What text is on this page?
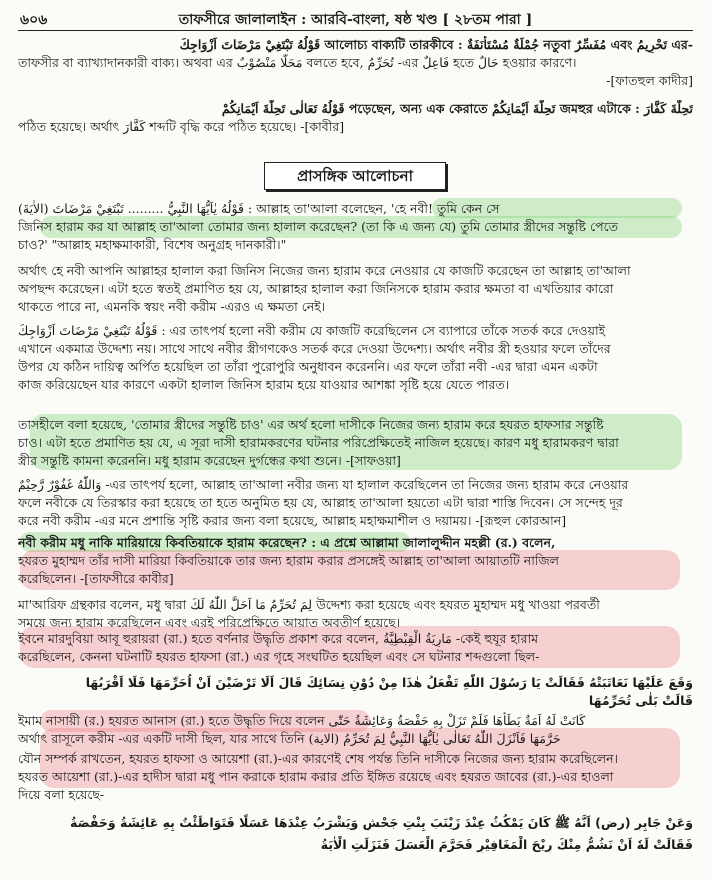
৬০৬	তাফসীরে জালালাইন : আরবি-বাংলা, ষষ্ঠ খণ্ড [ ২৮তম পারা ]
-এর تَحْرِيمُ এবং مُفَسِّرٌ নতুবা جُمْلَةٌ مُسْتَأْنَفَةٌ : আলোচ্য বাক্যটি তারকীবে قَوْلُهُ تَبْتَغِيْ مَرْضَاتَ اَزْوَاجِكَ
তাফসীর বা ব্যাখ্যাদানকারী বাক্য। অথবা এর مَحَلًّا مَنْصُوْبٌ বলতে হবে, تُحَرِّمُ -এর فَاعِلٌ হতে حَالٌ হওয়ার কারণে।
-[ফাতহুল কাদীর]
تَحِلَّةَ كَفَّارَ : জমহুর এটাকে تَحِلَّةَ اَيْمَانِكُمْ পড়েছেন, অন্য এক কেরাতে قَوْلُهُ تَعَالٰى تَحِلَّةَ اَيْمَانِكُمْ
পঠিত হয়েছে। অর্থাৎ كَفَّارَ শব্দটি বৃদ্ধি করে পঠিত হয়েছে। -[কাবীর]
প্রাসঙ্গিক আলোচনা
قَوْلُهُ يٰاَيُّهَا النَّبِيُّ ......... تَبْتَغِيْ مَرْضَاتَ (الاٰيَةَ) : আল্লাহ তা'আলা বলেছেন, 'হে নবী! তুমি কেন সে
জিনিস হারাম কর যা আল্লাহ তা'আলা তোমার জন্য হালাল করেছেন? (তা কি এ জন্য যে) তুমি তোমার স্ত্রীদের সন্তুষ্টি পেতে
চাও?' "আল্লাহ মহাক্ষমাকারী, বিশেষ অনুগ্রহ দানকারী।"
অর্থাৎ হে নবী আপনি আল্লাহর হালাল করা জিনিস নিজের জন্য হারাম করে নেওয়ার যে কাজটি করেছেন তা আল্লাহ তা'আলা
অপছন্দ করেছেন। এটা হতে স্বতই প্রমাণিত হয় যে, আল্লাহর হালাল করা জিনিসকে হারাম করার ক্ষমতা বা এখতিয়ার কারো
থাকতে পারে না, এমনকি স্বয়ং নবী করীম -এরও এ ক্ষমতা নেই।
قَوْلُهُ تَبْتَغِيْ مَرْضَاتَ اَزْوَاجِكَ : এর তাৎপর্য হলো নবী করীম যে কাজটি করেছিলেন সে ব্যাপারে তাঁকে সতর্ক করে দেওয়াই
এখানে একমাত্র উদ্দেশ্য নয়। সাথে সাথে নবীর স্ত্রীগণকেও সতর্ক করে দেওয়া উদ্দেশ্য। অর্থাৎ নবীর স্ত্রী হওয়ার ফলে তাঁদের
উপর যে কঠিন দায়িত্ব অর্পিত হয়েছিল তা তাঁরা পুরোপুরি অনুধাবন করেননি। এর ফলে তাঁরা নবী -এর দ্বারা এমন একটা
কাজ করিয়েছেন যার কারণে একটা হালাল জিনিস হারাম হয়ে যাওয়ার আশঙ্কা সৃষ্টি হয়ে যেতে পারত।
তাসহীলে বলা হয়েছে, 'তোমার স্ত্রীদের সন্তুষ্টি চাও' এর অর্থ হলো দাসীকে নিজের জন্য হারাম করে হযরত হাফসার সন্তুষ্টি
চাও। এটা হতে প্রমাণিত হয় যে, এ সূরা দাসী হারামকরণের ঘটনার পরিপ্রেক্ষিতেই নাজিল হয়েছে। কারণ মধু হারামকরণ দ্বারা
স্ত্রীর সন্তুষ্টি কামনা করেননি। মধু হারাম করেছেন দুর্গন্ধের কথা শুনে। -[সাফওয়া]
وَاللّٰهُ غَفُوْرٌ رَّحِيْمٌ -এর তাৎপর্য হলো, আল্লাহ তা'আলা নবীর জন্য যা হালাল করেছিলেন তা নিজের জন্য হারাম করে নেওয়ার
ফলে নবীকে যে তিরস্কার করা হয়েছে তা হতে অনুমিত হয় যে, আল্লাহ তা'আলা হয়তো এটা দ্বারা শাস্তি দিবেন। সে সন্দেহ দূর
করে নবী করীম -এর মনে প্রশান্তি সৃষ্টি করার জন্য বলা হয়েছে, আল্লাহ মহাক্ষমাশীল ও দয়াময়। -[রূহুল কোরআন]
নবী করীম মধু নাকি মারিয়ায়ে কিবতিয়াকে হারাম করেছেন? : এ প্রশ্নে আল্লামা জালালুদ্দীন মহল্লী (র.) বলেন,
হযরত মুহাম্মদ তাঁর দাসী মারিয়া কিবতিয়াকে তার জন্য হারাম করার প্রসঙ্গেই আল্লাহ তা'আলা আয়াতটি নাজিল
করেছিলেন। -[তাফসীরে কাবীর]
মা'আরিফ গ্রন্থকার বলেন, মধু দ্বারা لِمَ تُحَرِّمُ مَا اَحَلَّ اللّٰهُ لَكَ উদ্দেশ্য করা হয়েছে এবং হযরত মুহাম্মদ মধু খাওয়া পরবর্তী
সময়ে জন্য হারাম করেছিলেন এবং এরই পরিপ্রেক্ষিতে আয়াত অবতীর্ণ হয়েছে।
ইবনে মারদুবিয়া আবূ হুরায়রা (রা.) হতে বর্ণনার উদ্ধৃতি প্রকাশ করে বলেন, مَارِيَةُ الْقِبْطِيَّةُ -কেই হুযূর হারাম
করেছিলেন, কেননা ঘটনাটি হযরত হাফসা (রা.) এর গৃহে সংঘটিত হয়েছিল এবং সে ঘটনার শব্দগুলো ছিল-
وَقَعَ عَلَيْهَا نَعَاتَبَتْهُ فَقَالَتْ يَا رَسُوْلَ اللّٰهِ تَفْعَلُ هٰذَا مِنْ دُوْنِ نِسَائِكَ قَالَ اَلَا تَرْضَيْنَ اَنْ اُحَرِّمَهَا فَلَا اَقْرَبُهَا
قَالَتْ بَلٰى تُحَرِّمُهَا
ইমাম নাসায়ী (র.) হযরত আনাস (রা.) হতে উদ্ধৃতি দিয়ে বলেন كَانَتْ لَهُ اَمَةٌ يَطَأُهَا فَلَمْ تَزَلْ بِهِ حَفْصَةُ وَعَائِشَةُ حَتّٰى
অর্থাৎ রাসূলে করীম -এর একটি দাসী ছিল, যার সাথে তিনি حَرَّمَهَا فَاَنْزَلَ اللّٰهُ تَعَالٰى يٰاَيُّهَا النَّبِيُّ لِمَ تُحَرِّمُ (الاية)
যৌন সম্পর্ক রাখতেন, হযরত হাফসা ও আয়েশা (রা.)-এর কারণেই শেষ পর্যন্ত তিনি দাসীকে নিজের জন্য হারাম করেছিলেন।
হযরত আয়েশা (রা.)-এর হাদীস দ্বারা মধু পান করাকে হারাম করার প্রতি ইঙ্গিত রয়েছে এবং হযরত জাবের (রা.)-এর হাওলা
দিয়ে বলা হয়েছে-
وَعَنْ جَابِرٍ (رض) اَنَّهُ ﷺ كَانَ يَمْكُثُ عِنْدَ زَيْنَبَ بِنْتِ جَحْشٍ وَيَشْرَبُ عِنْدَهَا عَسَلًا فَتَوَاطَئْتُ بِهِ عَائِشَةُ وَحَفْصَةُ
فَقَالَتْ لَهٗ اَنْ نَشُمُّ مِنْكَ رِيْحَ الْمَغَافِيْرِ فَحَرَّمَ الْعَسَلَ فَنَزَلَتِ الْاٰيَةُ
